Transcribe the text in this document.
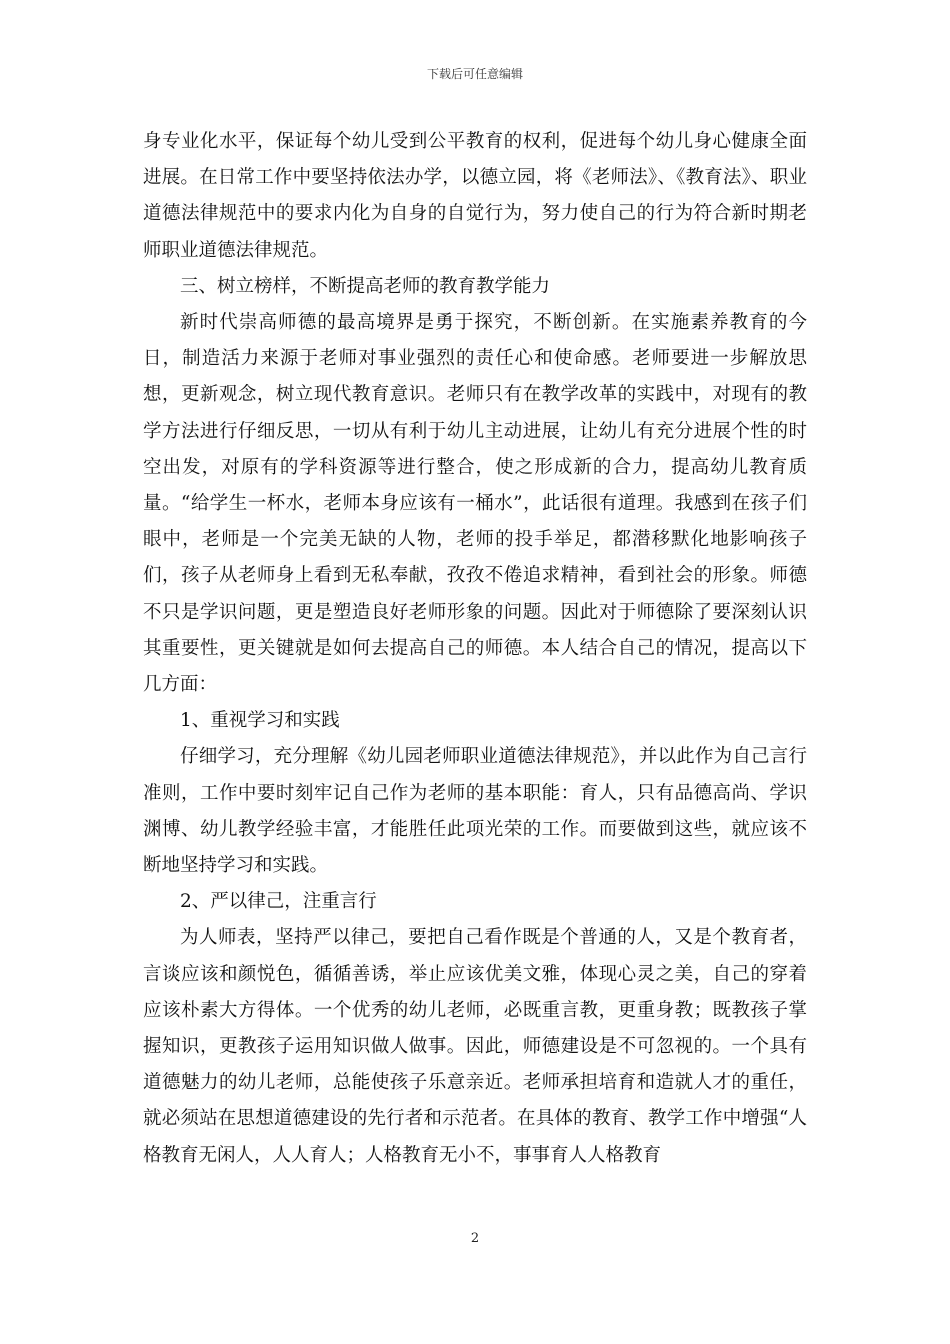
下载后可任意编辑

身专业化水平，保证每个幼儿受到公平教育的权利，促进每个幼儿身心健康全面进展。在日常工作中要坚持依法办学，以德立园，将《老师法》、《教育法》、职业道德法律规范中的要求内化为自身的自觉行为，努力使自己的行为符合新时期老师职业道德法律规范。

三、树立榜样，不断提高老师的教育教学能力

新时代崇高师德的最高境界是勇于探究，不断创新。在实施素养教育的今日，制造活力来源于老师对事业强烈的责任心和使命感。老师要进一步解放思想，更新观念，树立现代教育意识。老师只有在教学改革的实践中，对现有的教学方法进行仔细反思，一切从有利于幼儿主动进展，让幼儿有充分进展个性的时空出发，对原有的学科资源等进行整合，使之形成新的合力，提高幼儿教育质量。“给学生一杯水，老师本身应该有一桶水”，此话很有道理。我感到在孩子们眼中，老师是一个完美无缺的人物，老师的投手举足，都潜移默化地影响孩子们，孩子从老师身上看到无私奉献，孜孜不倦追求精神，看到社会的形象。师德不只是学识问题，更是塑造良好老师形象的问题。因此对于师德除了要深刻认识其重要性，更关键就是如何去提高自己的师德。本人结合自己的情况，提高以下几方面：

1、重视学习和实践

仔细学习，充分理解《幼儿园老师职业道德法律规范》，并以此作为自己言行准则，工作中要时刻牢记自己作为老师的基本职能：育人，只有品德高尚、学识渊博、幼儿教学经验丰富，才能胜任此项光荣的工作。而要做到这些，就应该不断地坚持学习和实践。

2、严以律己，注重言行

为人师表，坚持严以律己，要把自己看作既是个普通的人，又是个教育者，言谈应该和颜悦色，循循善诱，举止应该优美文雅，体现心灵之美，自己的穿着应该朴素大方得体。一个优秀的幼儿老师，必既重言教，更重身教；既教孩子掌握知识，更教孩子运用知识做人做事。因此，师德建设是不可忽视的。一个具有道德魅力的幼儿老师，总能使孩子乐意亲近。老师承担培育和造就人才的重任，就必须站在思想道德建设的先行者和示范者。在具体的教育、教学工作中增强“人格教育无闲人，人人育人；人格教育无小不，事事育人人格教育

2
